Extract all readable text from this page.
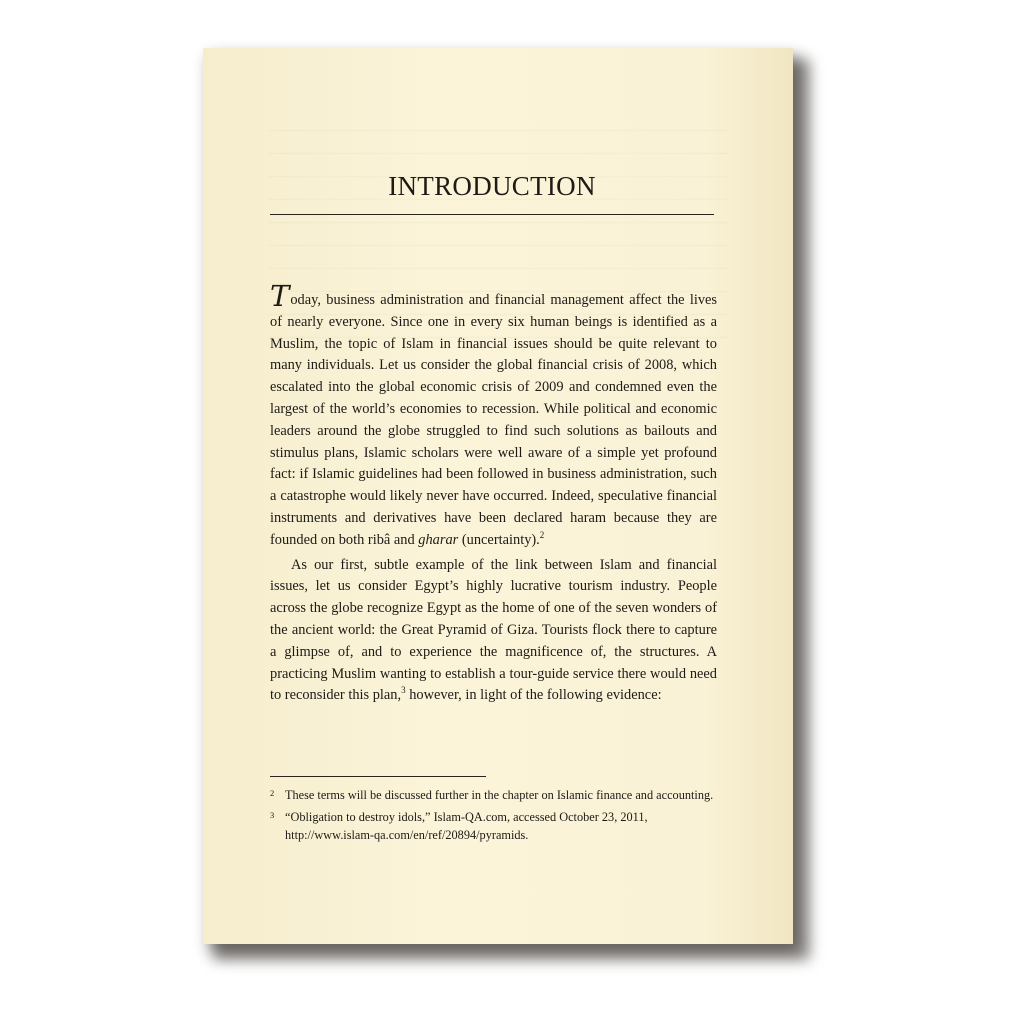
INTRODUCTION

Today, business administration and financial management affect the lives of nearly everyone. Since one in every six human beings is identified as a Muslim, the topic of Islam in financial issues should be quite relevant to many individuals. Let us consider the global financial crisis of 2008, which escalated into the global economic crisis of 2009 and condemned even the largest of the world’s economies to recession. While political and economic leaders around the globe struggled to find such solutions as bailouts and stimulus plans, Islamic scholars were well aware of a simple yet profound fact: if Islamic guidelines had been followed in business administration, such a catastrophe would likely never have occurred. Indeed, speculative financial instruments and derivatives have been declared haram because they are founded on both ribâ and gharar (uncertainty).$^2$

As our first, subtle example of the link between Islam and financial issues, let us consider Egypt’s highly lucrative tourism industry. People across the globe recognize Egypt as the home of one of the seven wonders of the ancient world: the Great Pyramid of Giza. Tourists flock there to capture a glimpse of, and to experience the magnificence of, the structures. A practicing Muslim wanting to establish a tour-guide service there would need to reconsider this plan,$^3$ however, in light of the following evidence:

2 These terms will be discussed further in the chapter on Islamic finance and accounting.
3 “Obligation to destroy idols,” Islam-QA.com, accessed October 23, 2011, http://www.islam-qa.com/en/ref/20894/pyramids.
